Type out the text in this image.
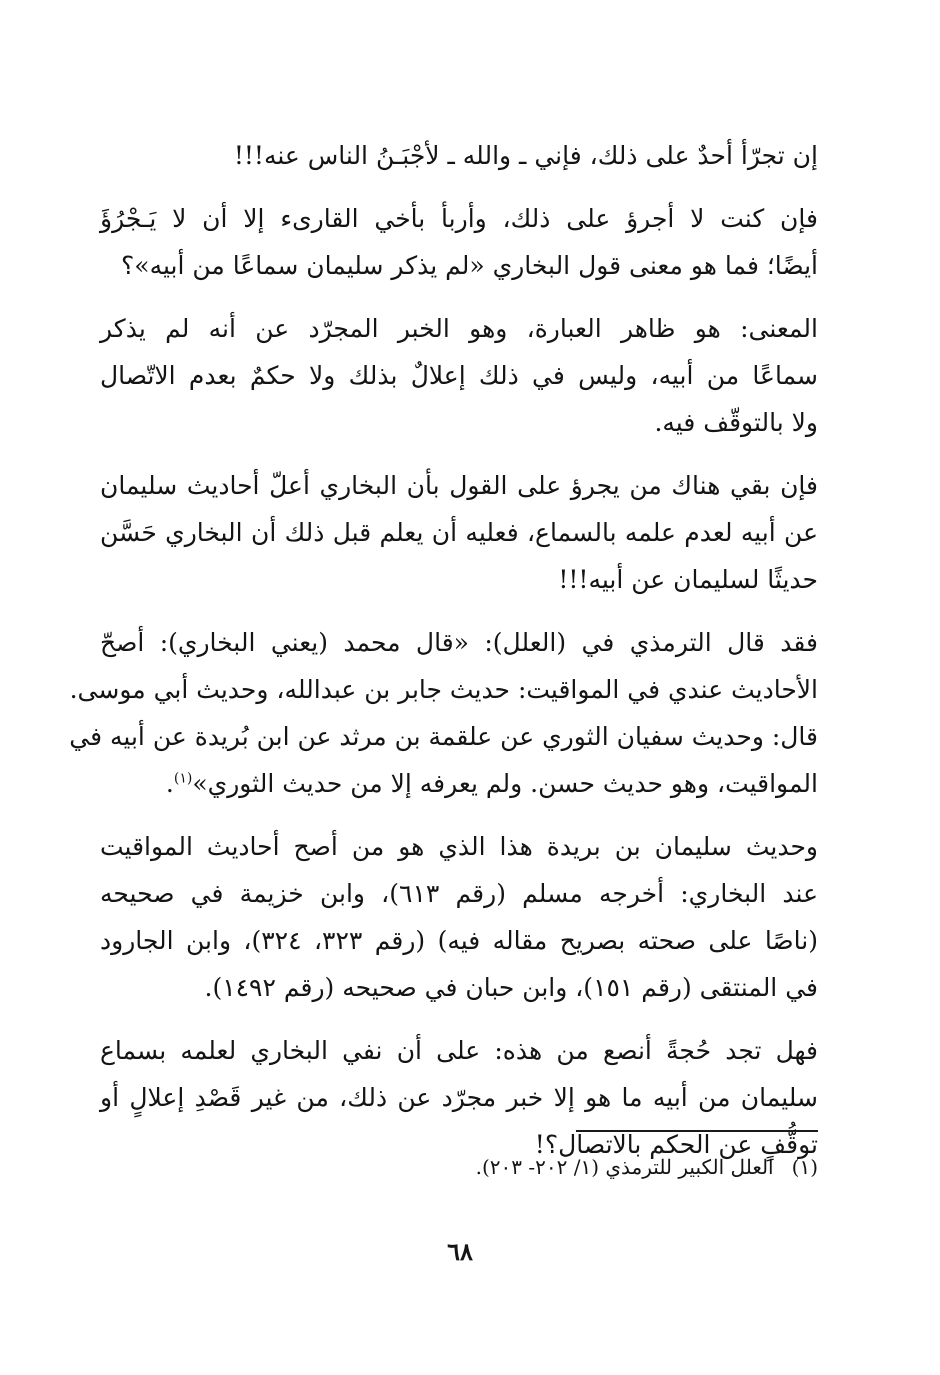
إن تجرّأ أحدٌ على ذلك، فإني ـ والله ـ لأجْبَـنُ الناس عنه!!!

فإن كنت لا أجرؤ على ذلك، وأربأ بأخي القارىء إلا أن لا يَـجْرُؤَ
أيضًا؛ فما هو معنى قول البخاري «لم يذكر سليمان سماعًا من أبيه»؟

المعنى: هو ظاهر العبارة، وهو الخبر المجرّد عن أنه لم يذكر
سماعًا من أبيه، وليس في ذلك إعلالٌ بذلك ولا حكمٌ بعدم الاتّصال
ولا بالتوقّف فيه.

فإن بقي هناك من يجرؤ على القول بأن البخاري أعلّ أحاديث سليمان
عن أبيه لعدم علمه بالسماع، فعليه أن يعلم قبل ذلك أن البخاري حَسَّن
حديثًا لسليمان عن أبيه!!!

فقد قال الترمذي في (العلل): «قال محمد (يعني البخاري): أصحّ
الأحاديث عندي في المواقيت: حديث جابر بن عبدالله، وحديث أبي موسى.
قال: وحديث سفيان الثوري عن علقمة بن مرثد عن ابن بُريدة عن أبيه في
المواقيت، وهو حديث حسن. ولم يعرفه إلا من حديث الثوري»$^{(١)}$.

وحديث سليمان بن بريدة هذا الذي هو من أصح أحاديث المواقيت
عند البخاري: أخرجه مسلم (رقم ٦١٣)، وابن خزيمة في صحيحه
(ناصًا على صحته بصريح مقاله فيه) (رقم ٣٢٣، ٣٢٤)، وابن الجارود
في المنتقى (رقم ١٥١)، وابن حبان في صحيحه (رقم ١٤٩٢).

فهل تجد حُجةً أنصع من هذه: على أن نفي البخاري لعلمه بسماع
سليمان من أبيه ما هو إلا خبر مجرّد عن ذلك، من غير قَصْدِ إعلالٍ أو
توقُّفٍ عن الحكم بالاتصال؟!

(١)العلل الكبير للترمذي (١/ ٢٠٢- ٢٠٣).
٦٨
